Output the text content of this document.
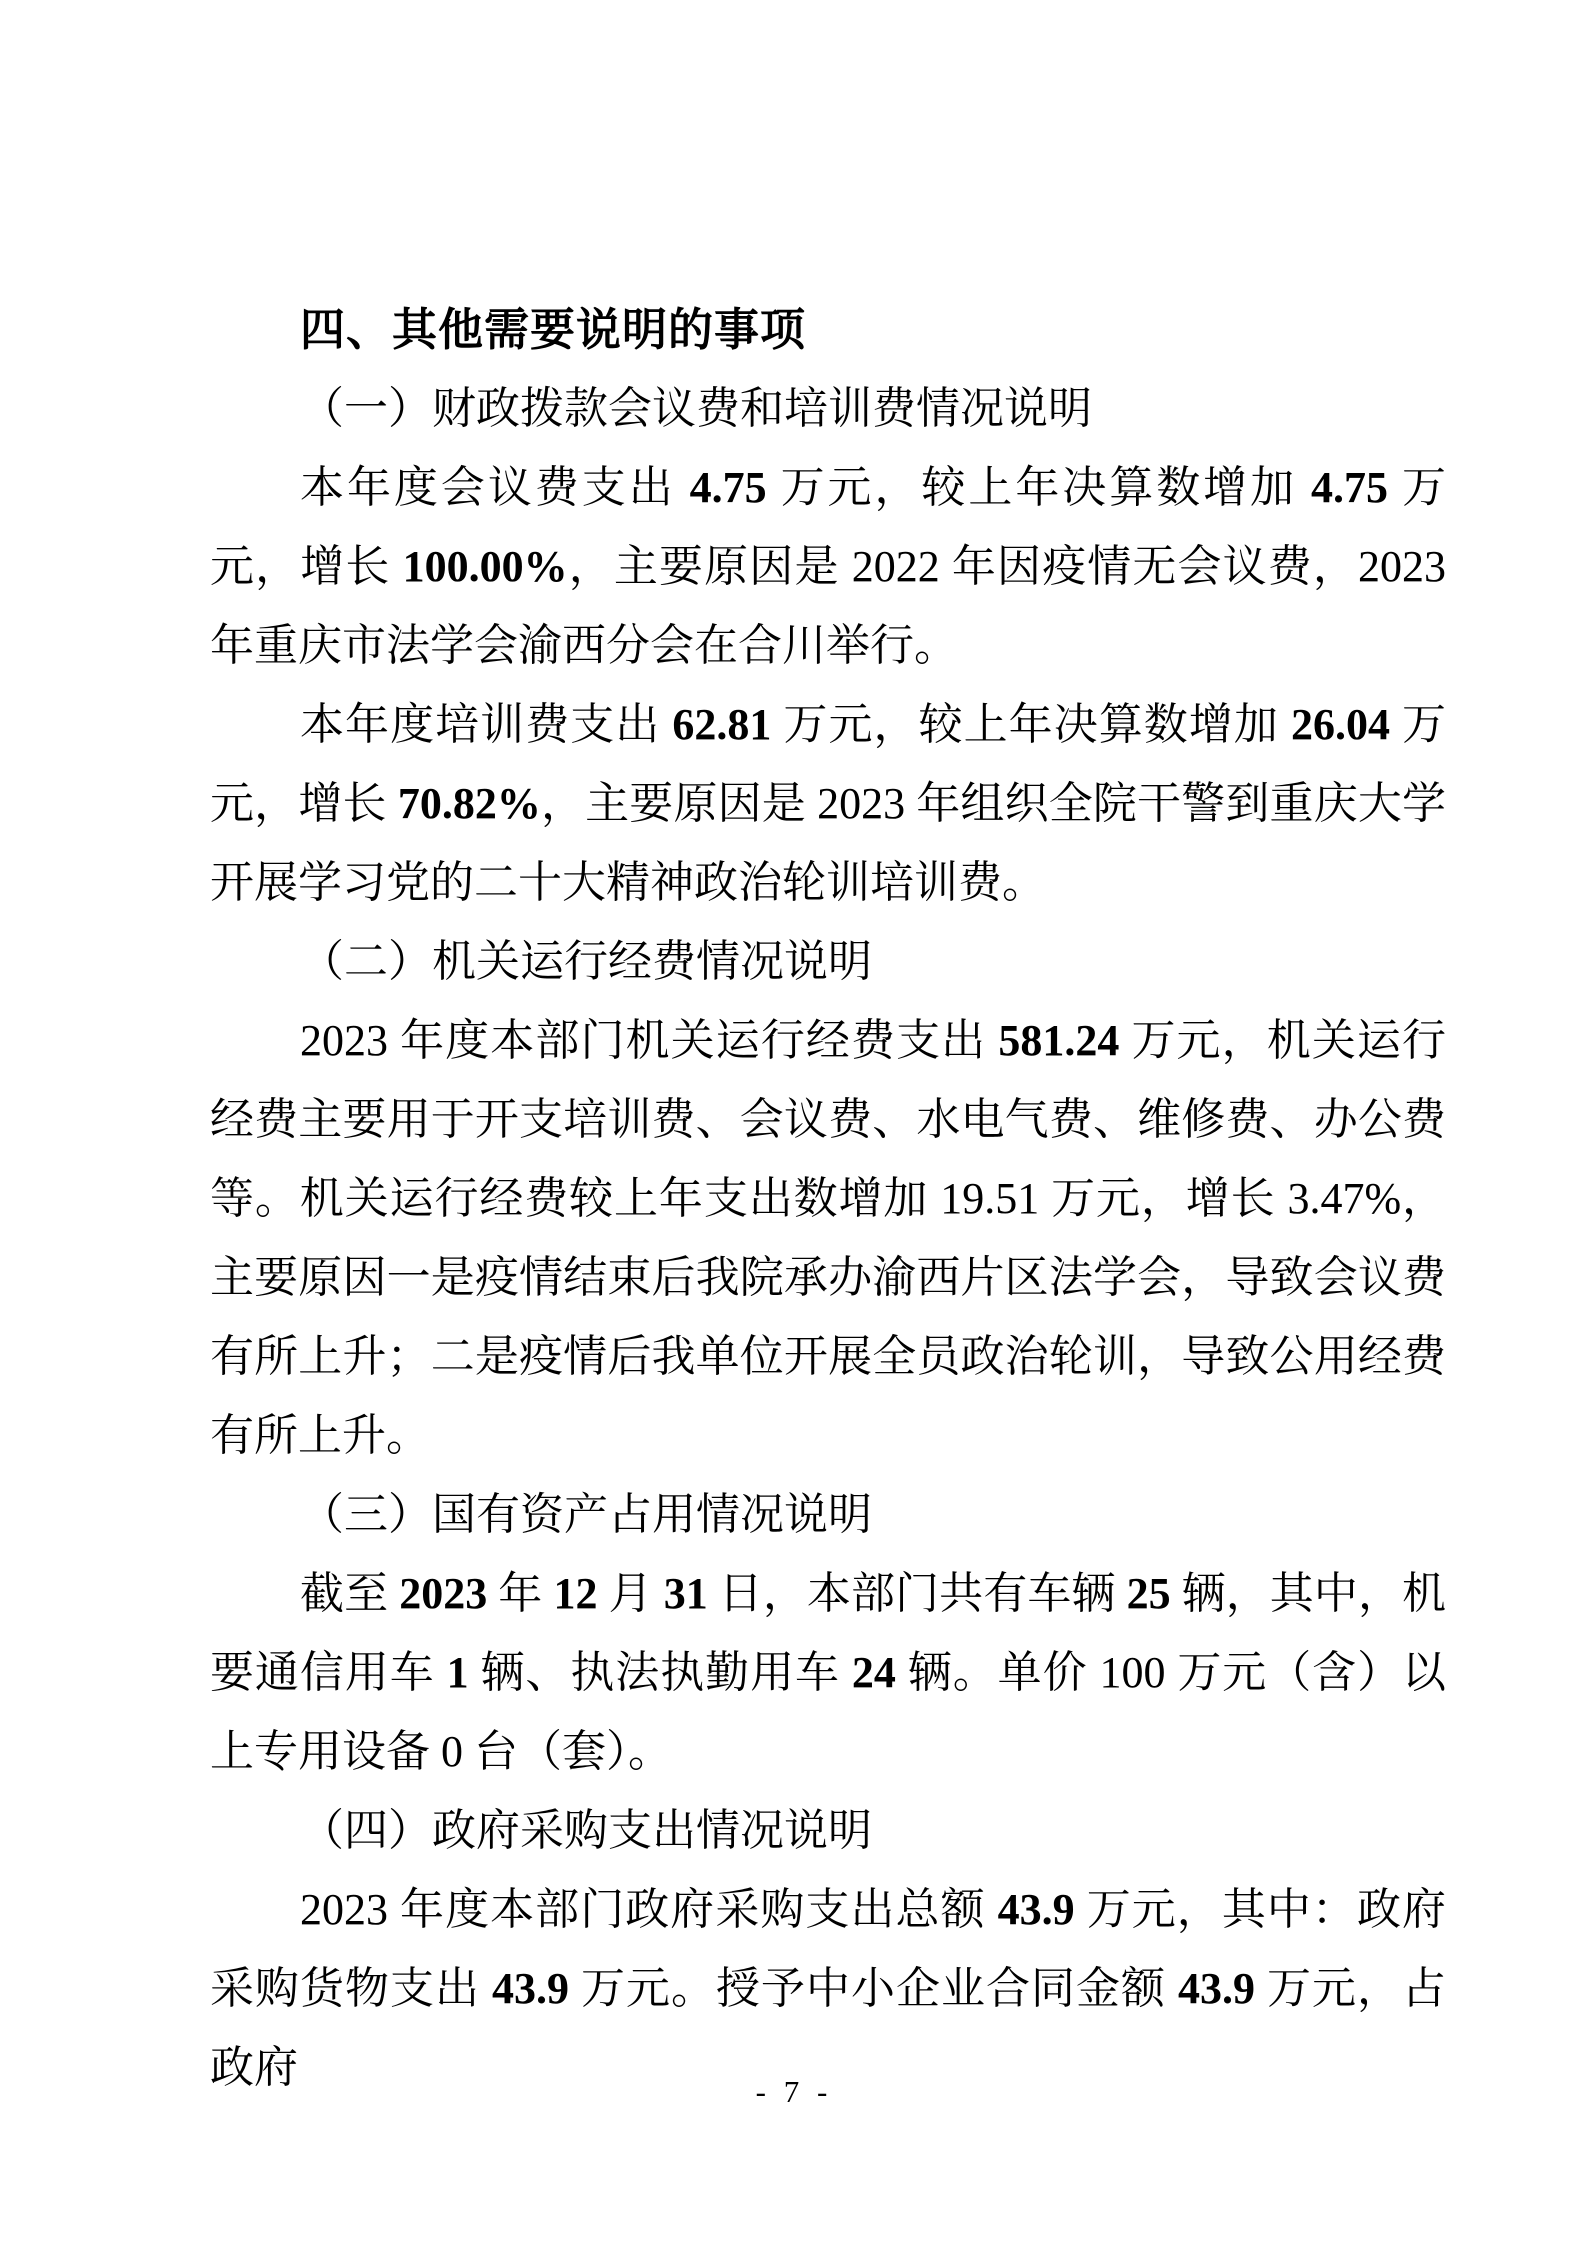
四、其他需要说明的事项
（一）财政拨款会议费和培训费情况说明

本年度会议费支出 4.75 万元，较上年决算数增加 4.75 万元，增长 100.00%，主要原因是 2022 年因疫情无会议费，2023 年重庆市法学会渝西分会在合川举行。

本年度培训费支出 62.81 万元，较上年决算数增加 26.04 万元，增长 70.82%，主要原因是 2023 年组织全院干警到重庆大学开展学习党的二十大精神政治轮训培训费。

（二）机关运行经费情况说明

2023 年度本部门机关运行经费支出 581.24 万元，机关运行经费主要用于开支培训费、会议费、水电气费、维修费、办公费等。机关运行经费较上年支出数增加 19.51 万元，增长 3.47%，主要原因一是疫情结束后我院承办渝西片区法学会，导致会议费有所上升；二是疫情后我单位开展全员政治轮训，导致公用经费有所上升。

（三）国有资产占用情况说明

截至 2023 年 12 月 31 日，本部门共有车辆 25 辆，其中，机要通信用车 1 辆、执法执勤用车 24 辆。单价 100 万元（含）以上专用设备 0 台（套）。

（四）政府采购支出情况说明

2023 年度本部门政府采购支出总额 43.9 万元，其中：政府采购货物支出 43.9 万元。授予中小企业合同金额 43.9 万元，占政府	- 7 -
